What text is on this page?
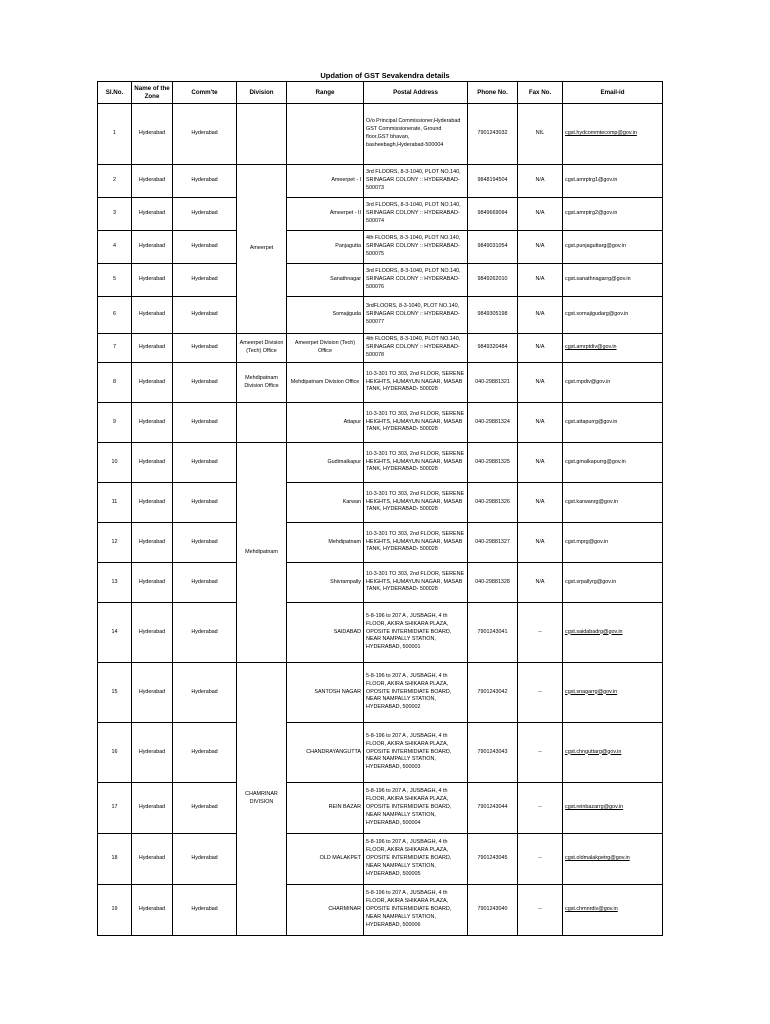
Updation of GST Sevakendra details
Sl.No.	Name of the Zone	Comm'te	Division	Range	Postal Address	Phone No.	Fax No.	Email-id
1	Hyderabad	Hyderabad			O/o Principal Commissioner,Hyderabad GST Commissionerate, Ground floor,GST bhavan, basheebagh,Hyderabad-500004	7901243032	NIL	cgst.hydcommtecomp@gov.in
2	Hyderabad	Hyderabad	Ameerpet	Ameerpet - I	3rd FLOORS, 8-3-1040, PLOT NO.140, SRINAGAR COLONY :: HYDERABAD-500073	9848194504	N/A	cgst.amrptrg1@gov.in
3	Hyderabad	Hyderabad		Ameerpet - II	3rd FLOORS, 8-3-1040, PLOT NO.140, SRINAGAR COLONY :: HYDERABAD-500074	9849669094	N/A	cgst.amrptrg2@gov.in
4	Hyderabad	Hyderabad		Panjagutta	4th FLOORS, 8-3-1040, PLOT NO.140, SRINAGAR COLONY :: HYDERABAD-500075	9849031054	N/A	cgst.punjaguttarg@gov.in
5	Hyderabad	Hyderabad		Sanathnagar	3rd FLOORS, 8-3-1040, PLOT NO.140, SRINAGAR COLONY :: HYDERABAD-500076	9849262010	N/A	cgst.sanathnagarrg@gov.in
6	Hyderabad	Hyderabad		Somajiguda	3rdFLOORS, 8-3-1040, PLOT NO.140, SRINAGAR COLONY :: HYDERABAD-500077	9849305198	N/A	cgst.somajigudarg@gov.in
7	Hyderabad	Hyderabad	Ameerpet Division (Tech) Office	Ameerpet Division (Tech) Office	4th FLOORS, 8-3-1040, PLOT NO.140, SRINAGAR COLONY :: HYDERABAD-500078	9849320484	N/A	cgst.amrptdiv@gov.in
8	Hyderabad	Hyderabad	Mehdipatnam Division Office	Mehdipatnam Division Office	10-3-301 TO 303, 2nd FLOOR, SERENE HEIGHTS, HUMAYUN NAGAR, MASAB TANK, HYDERABAD- 500028	040-29881321	N/A	cgst.mpdiv@gov.in
9	Hyderabad	Hyderabad		Attapur	10-3-301 TO 303, 2nd FLOOR, SERENE HEIGHTS, HUMAYUN NAGAR, MASAB TANK, HYDERABAD- 500028	040-29881324	N/A	cgst.attapurrg@gov.in
10	Hyderabad	Hyderabad	Mehdipatnam	Gudimalkapur	10-3-301 TO 303, 2nd FLOOR, SERENE HEIGHTS, HUMAYUN NAGAR, MASAB TANK, HYDERABAD- 500028	040-29881325	N/A	cgst.gmalkapurrg@gov.in
11	Hyderabad	Hyderabad		Karwan	10-3-301 TO 303, 2nd FLOOR, SERENE HEIGHTS, HUMAYUN NAGAR, MASAB TANK, HYDERABAD- 500028	040-29881326	N/A	cgst.karwanrg@gov.in
12	Hyderabad	Hyderabad		Mehdipatnam	10-3-301 TO 303, 2nd FLOOR, SERENE HEIGHTS, HUMAYUN NAGAR, MASAB TANK, HYDERABAD- 500028	040-29881327	N/A	cgst.mprg@gov.in
13	Hyderabad	Hyderabad		Shivrampally	10-3-301 TO 303, 2nd FLOOR, SERENE HEIGHTS, HUMAYUN NAGAR, MASAB TANK, HYDERABAD- 500028	040-29881328	N/A	cgst.srpallyrg@gov.in
14	Hyderabad	Hyderabad		SAIDABAD	5-8-196 to 207 A , JUSBAGH, 4 th FLOOR, AKIRA SHIKARA PLAZA, OPOSITE INTERMIDIATE BOARD, NEAR NAMPALLY STATION, HYDERABAD, 500001	7901243041	--	cgst.saidabadrg@gov.in
15	Hyderabad	Hyderabad	CHAMRINAR DIVISION	SANTOSH NAGAR	5-8-196 to 207 A , JUSBAGH, 4 th FLOOR, AKIRA SHIKARA PLAZA, OPOSITE INTERMIDIATE BOARD, NEAR NAMPALLY STATION, HYDERABAD, 500002	7901243042	--	cgst.snagarrg@gov.in
16	Hyderabad	Hyderabad		CHANDRAYANGUTTA	5-8-196 to 207 A , JUSBAGH, 4 th FLOOR, AKIRA SHIKARA PLAZA, OPOSITE INTERMIDIATE BOARD, NEAR NAMPALLY STATION, HYDERABAD, 500003	7901243043	--	cgst.chnguttarg@gov.in
17	Hyderabad	Hyderabad		REIN BAZAR	5-8-196 to 207 A , JUSBAGH, 4 th FLOOR, AKIRA SHIKARA PLAZA, OPOSITE INTERMIDIATE BOARD, NEAR NAMPALLY STATION, HYDERABAD, 500004	7901243044	--	cgst.reinbazarrg@gov.in
18	Hyderabad	Hyderabad		OLD MALAKPET	5-8-196 to 207 A , JUSBAGH, 4 th FLOOR, AKIRA SHIKARA PLAZA, OPOSITE INTERMIDIATE BOARD, NEAR NAMPALLY STATION, HYDERABAD, 500005	7901243045	--	cgst.oldmalakpetrg@gov.in
19	Hyderabad	Hyderabad		CHARMINAR	5-8-196 to 207 A , JUSBAGH, 4 th FLOOR, AKIRA SHIKARA PLAZA, OPOSITE INTERMIDIATE BOARD, NEAR NAMPALLY STATION, HYDERABAD, 500006	7901243040	--	cgst.chmnrdiv@gov.in
